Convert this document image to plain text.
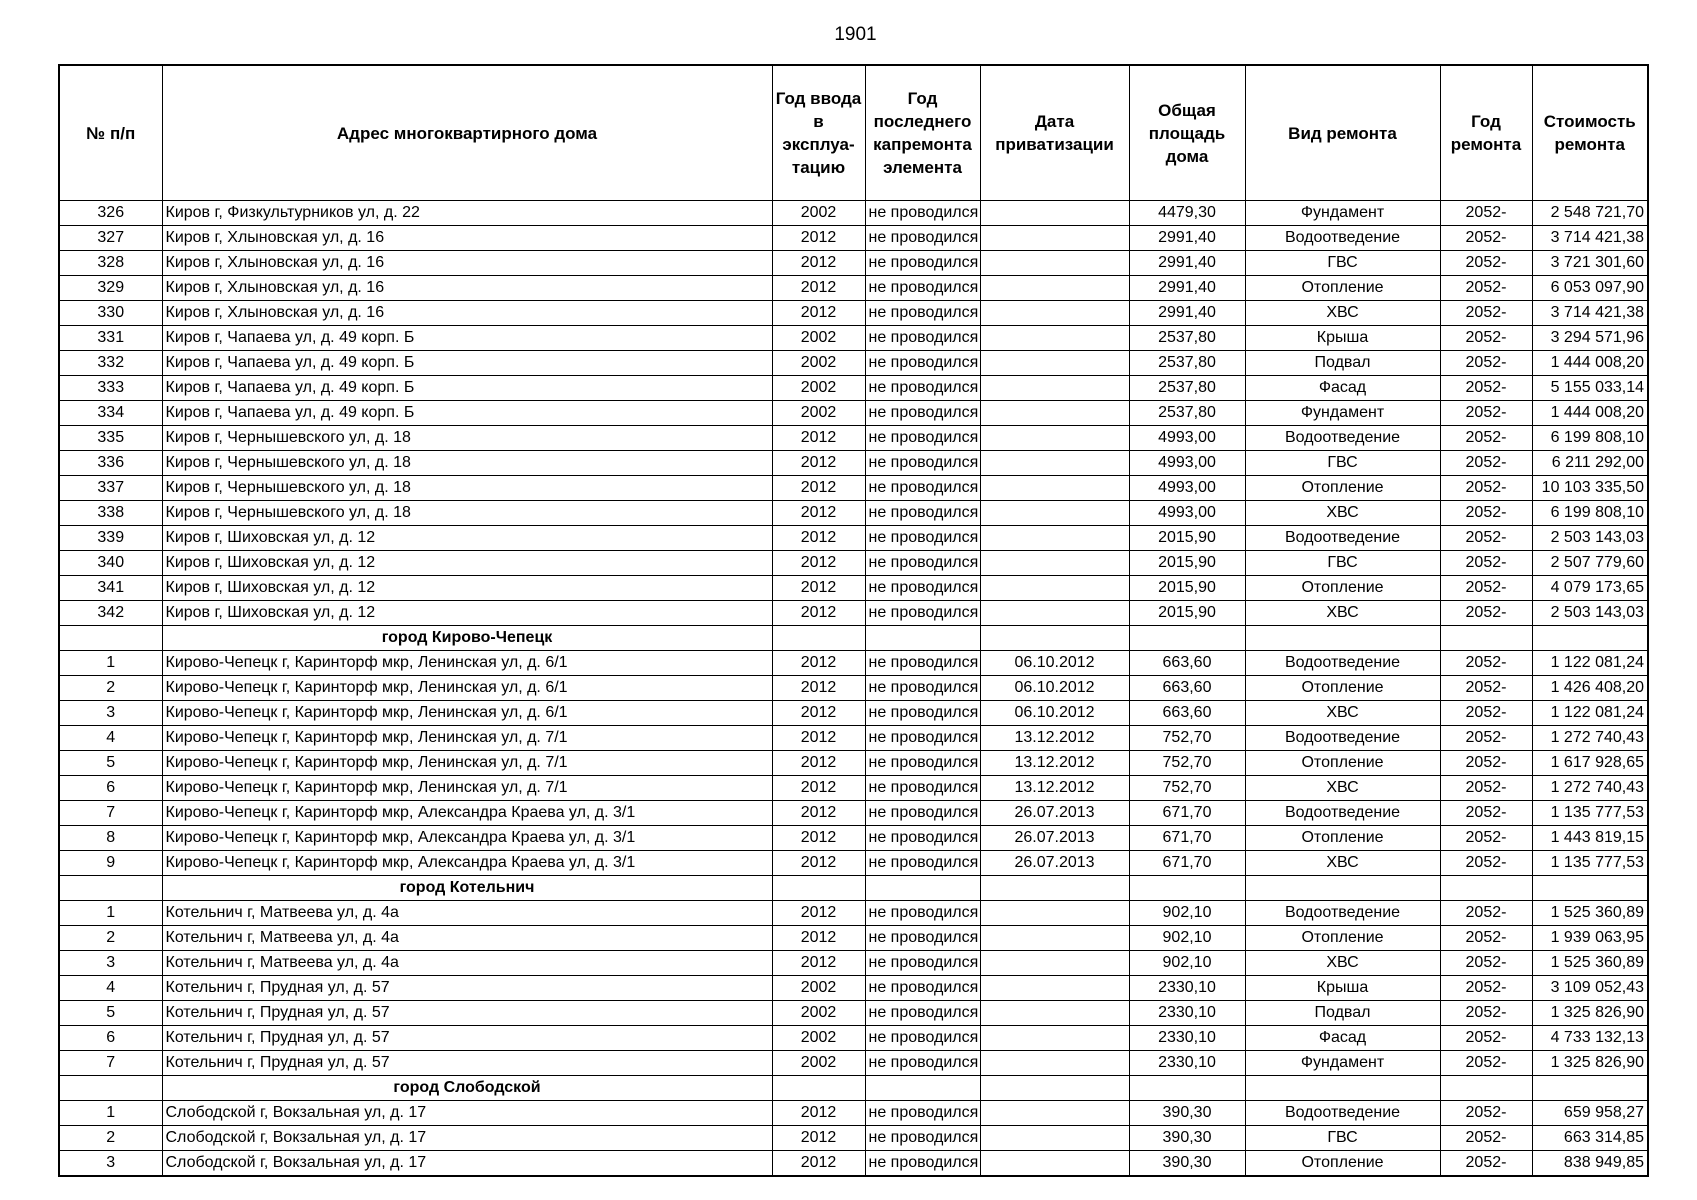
1901
№ п/п	Адрес многоквартирного дома	Год ввода в эксплуа-тацию	Год последнего капремонта элемента	Дата приватизации	Общая площадь дома	Вид ремонта	Год ремонта	Стоимость ремонта
326	Киров г, Физкультурников ул, д. 22	2002	не проводился		4479,30	Фундамент	2052-	2 548 721,70
327	Киров г, Хлыновская ул, д. 16	2012	не проводился		2991,40	Водоотведение	2052-	3 714 421,38
328	Киров г, Хлыновская ул, д. 16	2012	не проводился		2991,40	ГВС	2052-	3 721 301,60
329	Киров г, Хлыновская ул, д. 16	2012	не проводился		2991,40	Отопление	2052-	6 053 097,90
330	Киров г, Хлыновская ул, д. 16	2012	не проводился		2991,40	ХВС	2052-	3 714 421,38
331	Киров г, Чапаева ул, д. 49 корп. Б	2002	не проводился		2537,80	Крыша	2052-	3 294 571,96
332	Киров г, Чапаева ул, д. 49 корп. Б	2002	не проводился		2537,80	Подвал	2052-	1 444 008,20
333	Киров г, Чапаева ул, д. 49 корп. Б	2002	не проводился		2537,80	Фасад	2052-	5 155 033,14
334	Киров г, Чапаева ул, д. 49 корп. Б	2002	не проводился		2537,80	Фундамент	2052-	1 444 008,20
335	Киров г, Чернышевского ул, д. 18	2012	не проводился		4993,00	Водоотведение	2052-	6 199 808,10
336	Киров г, Чернышевского ул, д. 18	2012	не проводился		4993,00	ГВС	2052-	6 211 292,00
337	Киров г, Чернышевского ул, д. 18	2012	не проводился		4993,00	Отопление	2052-	10 103 335,50
338	Киров г, Чернышевского ул, д. 18	2012	не проводился		4993,00	ХВС	2052-	6 199 808,10
339	Киров г, Шиховская ул, д. 12	2012	не проводился		2015,90	Водоотведение	2052-	2 503 143,03
340	Киров г, Шиховская ул, д. 12	2012	не проводился		2015,90	ГВС	2052-	2 507 779,60
341	Киров г, Шиховская ул, д. 12	2012	не проводился		2015,90	Отопление	2052-	4 079 173,65
342	Киров г, Шиховская ул, д. 12	2012	не проводился		2015,90	ХВС	2052-	2 503 143,03
	город Кирово-Чепецк							
1	Кирово-Чепецк г, Каринторф мкр, Ленинская ул, д. 6/1	2012	не проводился	06.10.2012	663,60	Водоотведение	2052-	1 122 081,24
2	Кирово-Чепецк г, Каринторф мкр, Ленинская ул, д. 6/1	2012	не проводился	06.10.2012	663,60	Отопление	2052-	1 426 408,20
3	Кирово-Чепецк г, Каринторф мкр, Ленинская ул, д. 6/1	2012	не проводился	06.10.2012	663,60	ХВС	2052-	1 122 081,24
4	Кирово-Чепецк г, Каринторф мкр, Ленинская ул, д. 7/1	2012	не проводился	13.12.2012	752,70	Водоотведение	2052-	1 272 740,43
5	Кирово-Чепецк г, Каринторф мкр, Ленинская ул, д. 7/1	2012	не проводился	13.12.2012	752,70	Отопление	2052-	1 617 928,65
6	Кирово-Чепецк г, Каринторф мкр, Ленинская ул, д. 7/1	2012	не проводился	13.12.2012	752,70	ХВС	2052-	1 272 740,43
7	Кирово-Чепецк г, Каринторф мкр, Александра Краева ул, д. 3/1	2012	не проводился	26.07.2013	671,70	Водоотведение	2052-	1 135 777,53
8	Кирово-Чепецк г, Каринторф мкр, Александра Краева ул, д. 3/1	2012	не проводился	26.07.2013	671,70	Отопление	2052-	1 443 819,15
9	Кирово-Чепецк г, Каринторф мкр, Александра Краева ул, д. 3/1	2012	не проводился	26.07.2013	671,70	ХВС	2052-	1 135 777,53
	город Котельнич							
1	Котельнич г, Матвеева ул, д. 4а	2012	не проводился		902,10	Водоотведение	2052-	1 525 360,89
2	Котельнич г, Матвеева ул, д. 4а	2012	не проводился		902,10	Отопление	2052-	1 939 063,95
3	Котельнич г, Матвеева ул, д. 4а	2012	не проводился		902,10	ХВС	2052-	1 525 360,89
4	Котельнич г, Прудная ул, д. 57	2002	не проводился		2330,10	Крыша	2052-	3 109 052,43
5	Котельнич г, Прудная ул, д. 57	2002	не проводился		2330,10	Подвал	2052-	1 325 826,90
6	Котельнич г, Прудная ул, д. 57	2002	не проводился		2330,10	Фасад	2052-	4 733 132,13
7	Котельнич г, Прудная ул, д. 57	2002	не проводился		2330,10	Фундамент	2052-	1 325 826,90
	город Слободской							
1	Слободской г, Вокзальная ул, д. 17	2012	не проводился		390,30	Водоотведение	2052-	659 958,27
2	Слободской г, Вокзальная ул, д. 17	2012	не проводился		390,30	ГВС	2052-	663 314,85
3	Слободской г, Вокзальная ул, д. 17	2012	не проводился		390,30	Отопление	2052-	838 949,85
